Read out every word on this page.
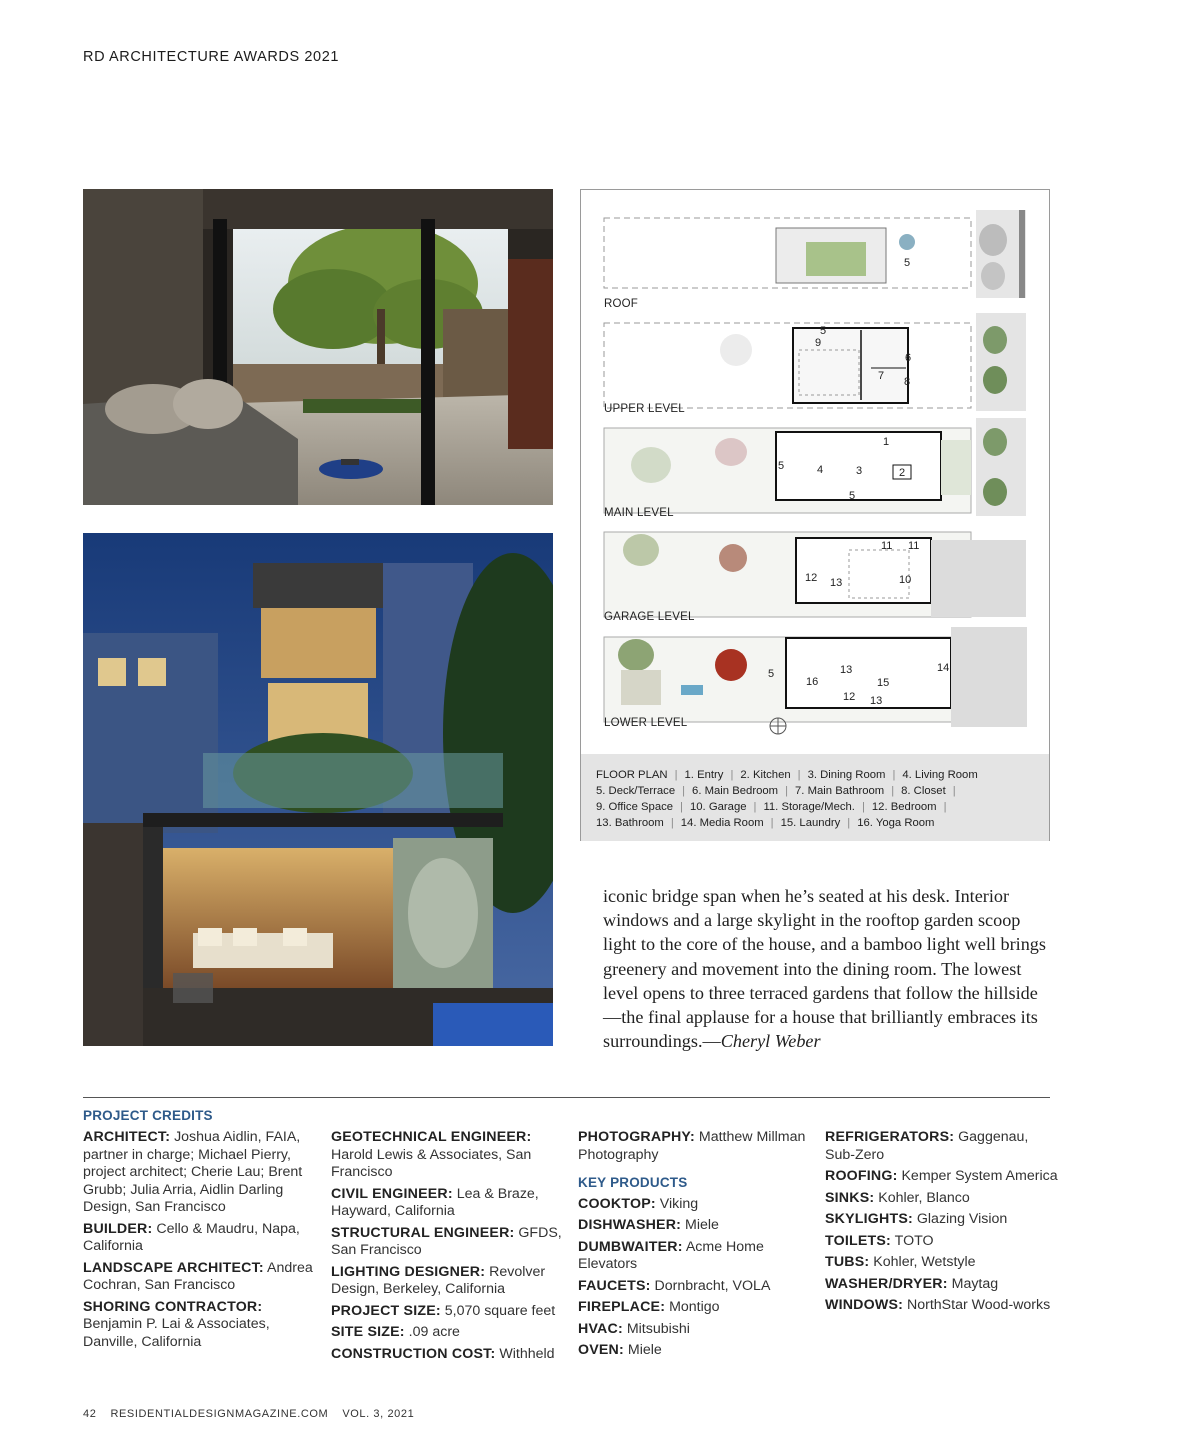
RD ARCHITECTURE AWARDS 2021
5
5
9
6
7 8
1
5	4	3	2
5
11 11
12 13	10
5	13	14
16	15
12 13
ROOF
UPPER LEVEL
MAIN LEVEL
GARAGE LEVEL
LOWER LEVEL
FLOOR PLAN | 1. Entry | 2. Kitchen | 3. Dining Room | 4. Living Room
5. Deck/Terrace | 6. Main Bedroom | 7. Main Bathroom | 8. Closet |
9. Office Space | 10. Garage | 11. Storage/Mech. | 12. Bedroom |
13. Bathroom | 14. Media Room | 15. Laundry | 16. Yoga Room
iconic bridge span when he’s seated at his desk. Interior windows and a large skylight in the rooftop garden scoop light to the core of the house, and a bamboo light well brings greenery and movement into the dining room. The lowest level opens to three terraced gardens that follow the hillside—the final applause for a house that brilliantly embraces its surroundings.—Cheryl Weber
PROJECT CREDITS
ARCHITECT: Joshua Aidlin, FAIA, partner in charge; Michael Pierry, project architect; Cherie Lau; Brent Grubb; Julia Arria, Aidlin Darling Design, San Francisco
BUILDER: Cello & Maudru, Napa, California
LANDSCAPE ARCHITECT: Andrea Cochran, San Francisco
SHORING CONTRACTOR: Benjamin P. Lai & Associates, Danville, California
GEOTECHNICAL ENGINEER: Harold Lewis & Associates, San Francisco
CIVIL ENGINEER: Lea & Braze, Hayward, California
STRUCTURAL ENGINEER: GFDS, San Francisco
LIGHTING DESIGNER: Revolver Design, Berkeley, California
PROJECT SIZE: 5,070 square feet
SITE SIZE: .09 acre
CONSTRUCTION COST: Withheld
PHOTOGRAPHY: Matthew Millman Photography
KEY PRODUCTS
COOKTOP: Viking
DISHWASHER: Miele
DUMBWAITER: Acme Home Elevators
FAUCETS: Dornbracht, VOLA
FIREPLACE: Montigo
HVAC: Mitsubishi
OVEN: Miele
REFRIGERATORS: Gaggenau, Sub-Zero
ROOFING: Kemper System America
SINKS: Kohler, Blanco
SKYLIGHTS: Glazing Vision
TOILETS: TOTO
TUBS: Kohler, Wetstyle
WASHER/DRYER: Maytag
WINDOWS: NorthStar Wood-works
42 RESIDENTIALDESIGNMAGAZINE.COM VOL. 3, 2021
